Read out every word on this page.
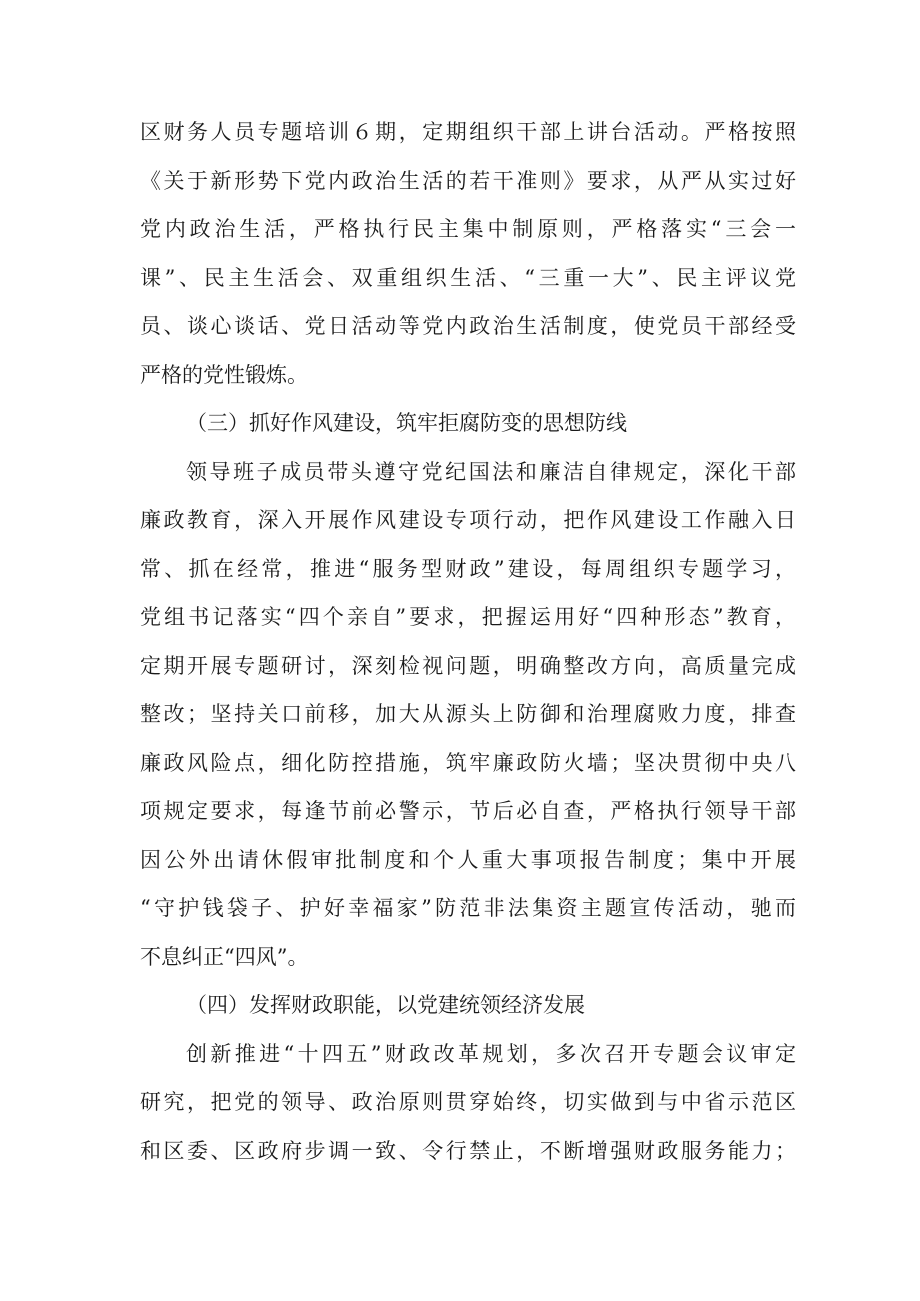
区财务人员专题培训６期，定期组织干部上讲台活动。严格按照
《关于新形势下党内政治生活的若干准则》要求，从严从实过好
党内政治生活，严格执行民主集中制原则，严格落实“三会一
课”、民主生活会、双重组织生活、“三重一大”、民主评议党
员、谈心谈话、党日活动等党内政治生活制度，使党员干部经受
严格的党性锻炼。
（三）抓好作风建设，筑牢拒腐防变的思想防线
领导班子成员带头遵守党纪国法和廉洁自律规定，深化干部
廉政教育，深入开展作风建设专项行动，把作风建设工作融入日
常、抓在经常，推进“服务型财政”建设，每周组织专题学习，
党组书记落实“四个亲自”要求，把握运用好“四种形态”教育，
定期开展专题研讨，深刻检视问题，明确整改方向，高质量完成
整改；坚持关口前移，加大从源头上防御和治理腐败力度，排查
廉政风险点，细化防控措施，筑牢廉政防火墙；坚决贯彻中央八
项规定要求，每逢节前必警示，节后必自查，严格执行领导干部
因公外出请休假审批制度和个人重大事项报告制度；集中开展
“守护钱袋子、护好幸福家”防范非法集资主题宣传活动，驰而
不息纠正“四风”。
（四）发挥财政职能，以党建统领经济发展
创新推进“十四五”财政改革规划，多次召开专题会议审定
研究，把党的领导、政治原则贯穿始终，切实做到与中省示范区
和区委、区政府步调一致、令行禁止，不断增强财政服务能力；
